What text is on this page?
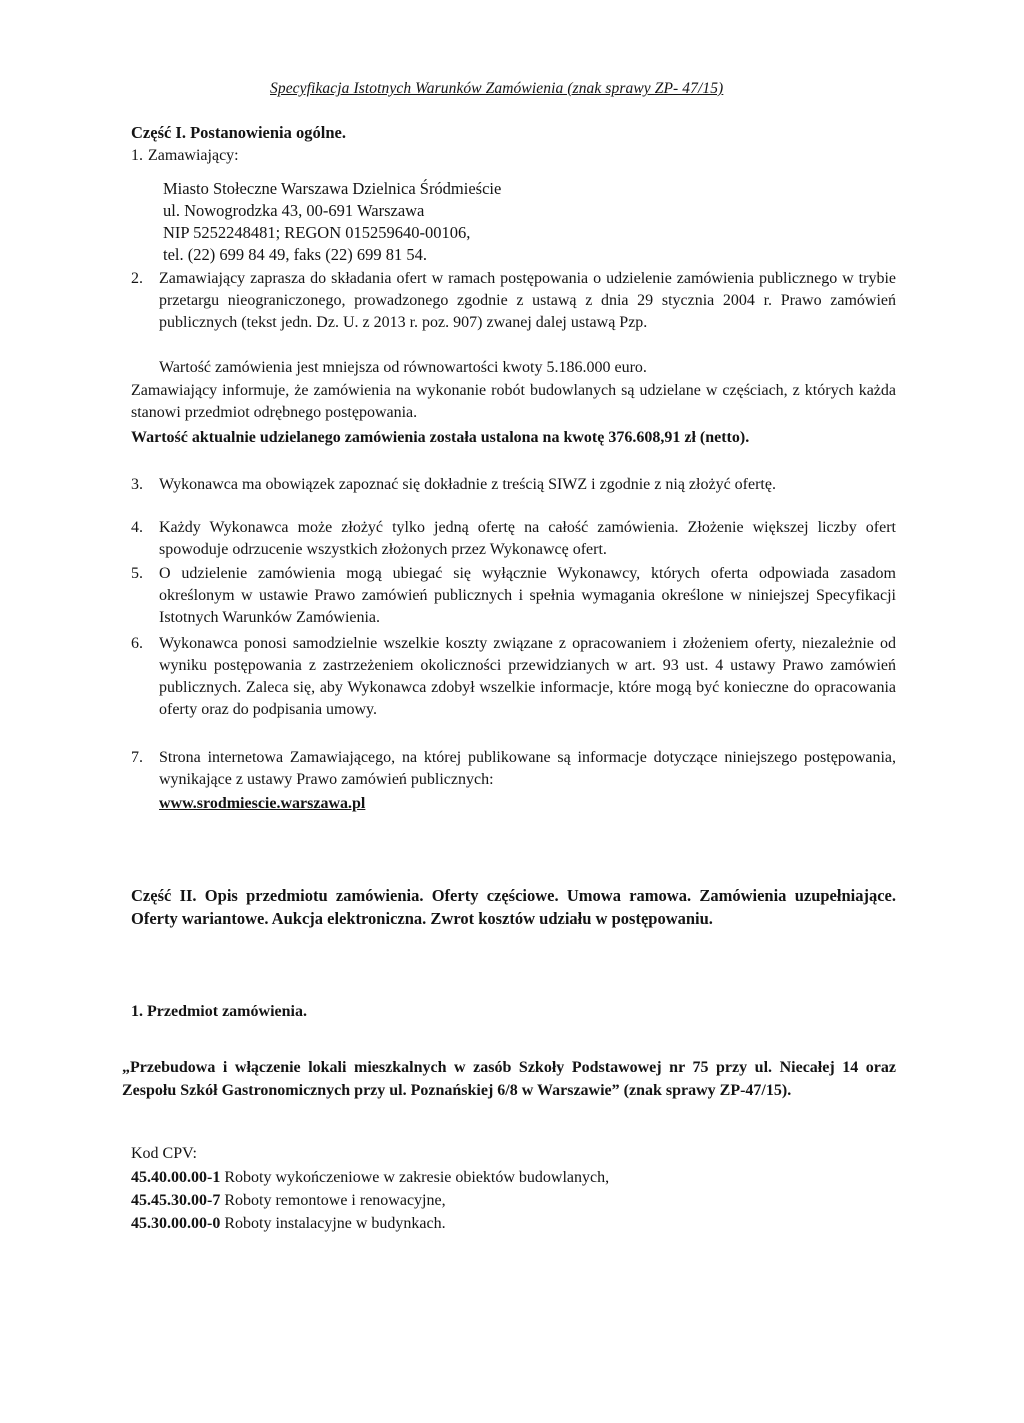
Specyfikacja Istotnych Warunków Zamówienia (znak sprawy ZP- 47/15)
Część I. Postanowienia ogólne.
1. Zamawiający:
Miasto Stołeczne Warszawa Dzielnica Śródmieście
ul. Nowogrodzka 43, 00-691 Warszawa
NIP 5252248481; REGON 015259640-00106,
tel. (22) 699 84 49, faks (22) 699 81 54.
2. Zamawiający zaprasza do składania ofert w ramach postępowania o udzielenie zamówienia publicznego w trybie przetargu nieograniczonego, prowadzonego zgodnie z ustawą z dnia 29 stycznia 2004 r. Prawo zamówień publicznych (tekst jedn. Dz. U. z 2013 r. poz. 907) zwanej dalej ustawą Pzp.
Wartość zamówienia jest mniejsza od równowartości kwoty 5.186.000 euro.
Zamawiający informuje, że zamówienia na wykonanie robót budowlanych są udzielane w częściach, z których każda stanowi przedmiot odrębnego postępowania.
Wartość aktualnie udzielanego zamówienia została ustalona na kwotę 376.608,91 zł (netto).
3. Wykonawca ma obowiązek zapoznać się dokładnie z treścią SIWZ i zgodnie z nią złożyć ofertę.
4. Każdy Wykonawca może złożyć tylko jedną ofertę na całość zamówienia. Złożenie większej liczby ofert spowoduje odrzucenie wszystkich złożonych przez Wykonawcę ofert.
5. O udzielenie zamówienia mogą ubiegać się wyłącznie Wykonawcy, których oferta odpowiada zasadom określonym w ustawie Prawo zamówień publicznych i spełnia wymagania określone w niniejszej Specyfikacji Istotnych Warunków Zamówienia.
6. Wykonawca ponosi samodzielnie wszelkie koszty związane z opracowaniem i złożeniem oferty, niezależnie od wyniku postępowania z zastrzeżeniem okoliczności przewidzianych w art. 93 ust. 4 ustawy Prawo zamówień publicznych. Zaleca się, aby Wykonawca zdobył wszelkie informacje, które mogą być konieczne do opracowania oferty oraz do podpisania umowy.
7. Strona internetowa Zamawiającego, na której publikowane są informacje dotyczące niniejszego postępowania, wynikające z ustawy Prawo zamówień publicznych:
www.srodmiescie.warszawa.pl
Część II. Opis przedmiotu zamówienia. Oferty częściowe. Umowa ramowa. Zamówienia uzupełniające. Oferty wariantowe. Aukcja elektroniczna. Zwrot kosztów udziału w postępowaniu.
1. Przedmiot zamówienia.
„Przebudowa i włączenie lokali mieszkalnych w zasób Szkoły Podstawowej nr 75 przy ul. Niecałej 14 oraz Zespołu Szkół Gastronomicznych przy ul. Poznańskiej 6/8 w Warszawie” (znak sprawy ZP-47/15).
Kod CPV:
45.40.00.00-1 Roboty wykończeniowe w zakresie obiektów budowlanych,
45.45.30.00-7 Roboty remontowe i renowacyjne,
45.30.00.00-0 Roboty instalacyjne w budynkach.
